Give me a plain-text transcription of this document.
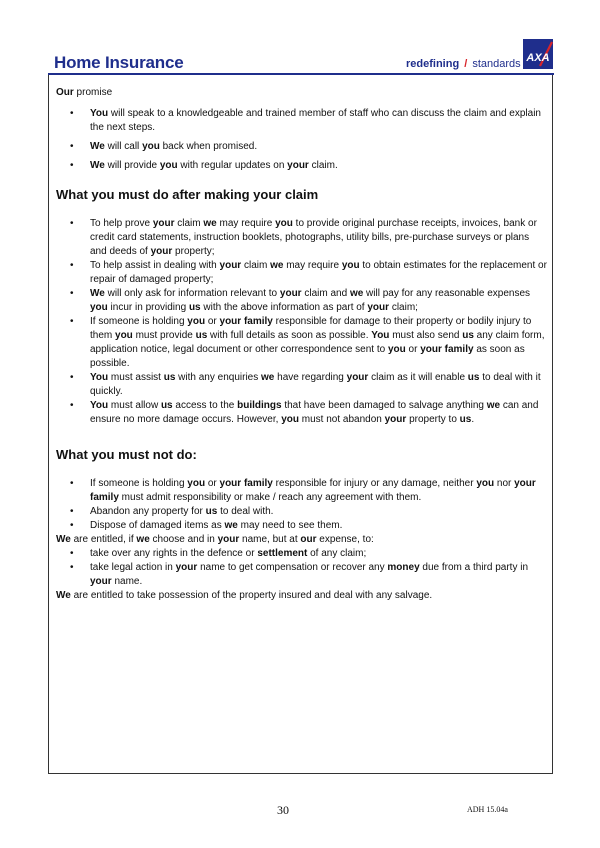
Home Insurance	redefining / standards AXA

Our promise

• You will speak to a knowledgeable and trained member of staff who can discuss the claim and explain the next steps.
• We will call you back when promised.
• We will provide you with regular updates on your claim.
What you must do after making your claim
• To help prove your claim we may require you to provide original purchase receipts, invoices, bank or credit card statements, instruction booklets, photographs, utility bills, pre-purchase surveys or plans and deeds of your property;
• To help assist in dealing with your claim we may require you to obtain estimates for the replacement or repair of damaged property;
• We will only ask for information relevant to your claim and we will pay for any reasonable expenses you incur in providing us with the above information as part of your claim;
• If someone is holding you or your family responsible for damage to their property or bodily injury to them you must provide us with full details as soon as possible. You must also send us any claim form, application notice, legal document or other correspondence sent to you or your family as soon as possible.
• You must assist us with any enquiries we have regarding your claim as it will enable us to deal with it quickly.
• You must allow us access to the buildings that have been damaged to salvage anything we can and ensure no more damage occurs. However, you must not abandon your property to us.
What you must not do:
• If someone is holding you or your family responsible for injury or any damage, neither you nor your family must admit responsibility or make / reach any agreement with them.
• Abandon any property for us to deal with.
• Dispose of damaged items as we may need to see them.

We are entitled, if we choose and in your name, but at our expense, to:

• take over any rights in the defence or settlement of any claim;
• take legal action in your name to get compensation or recover any money due from a third party in your name.

We are entitled to take possession of the property insured and deal with any salvage.

30	ADH 15.04a
